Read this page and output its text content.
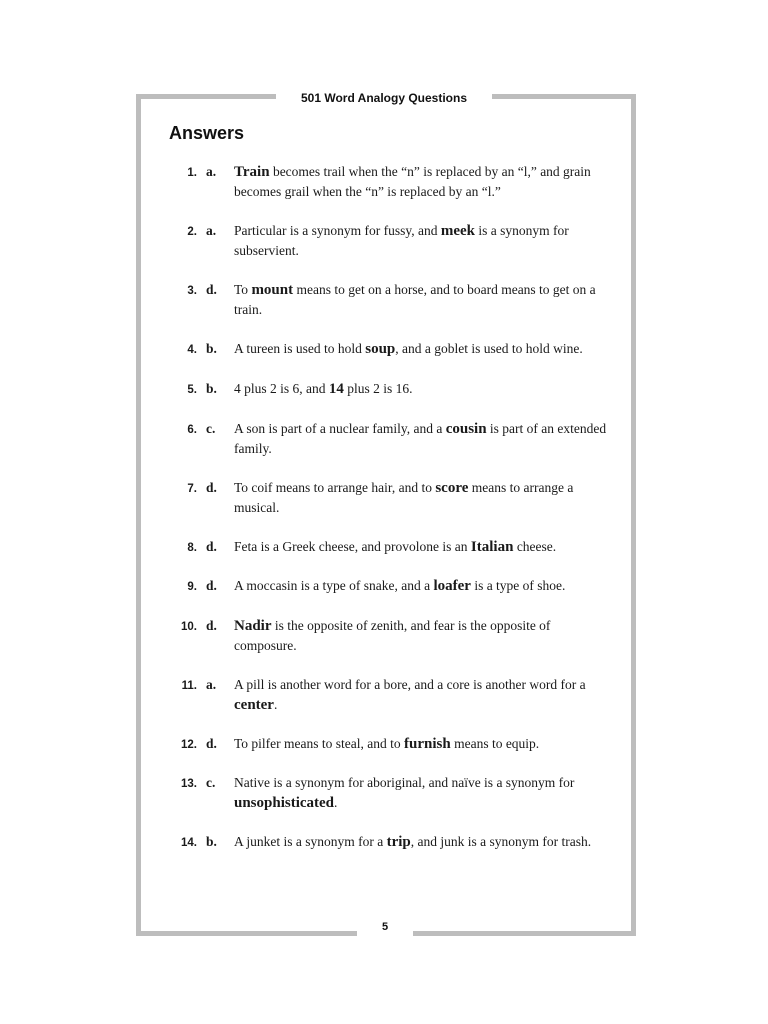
501 Word Analogy Questions
Answers
1. a.	Train becomes trail when the “n” is replaced by an “l,” and grain becomes grail when the “n” is replaced by an “l.”

2. a.	Particular is a synonym for fussy, and meek is a synonym for subservient.

3. d.	To mount means to get on a horse, and to board means to get on a train.

4. b.	A tureen is used to hold soup, and a goblet is used to hold wine.

5. b.	4 plus 2 is 6, and 14 plus 2 is 16.

6. c.	A son is part of a nuclear family, and a cousin is part of an extended family.

7. d.	To coif means to arrange hair, and to score means to arrange a musical.

8. d.	Feta is a Greek cheese, and provolone is an Italian cheese.

9. d.	A moccasin is a type of snake, and a loafer is a type of shoe.

10. d.	Nadir is the opposite of zenith, and fear is the opposite of composure.

11. a.	A pill is another word for a bore, and a core is another word for a center.

12. d.	To pilfer means to steal, and to furnish means to equip.

13. c.	Native is a synonym for aboriginal, and naïve is a synonym for unsophisticated.

14. b.	A junket is a synonym for a trip, and junk is a synonym for trash.

5
